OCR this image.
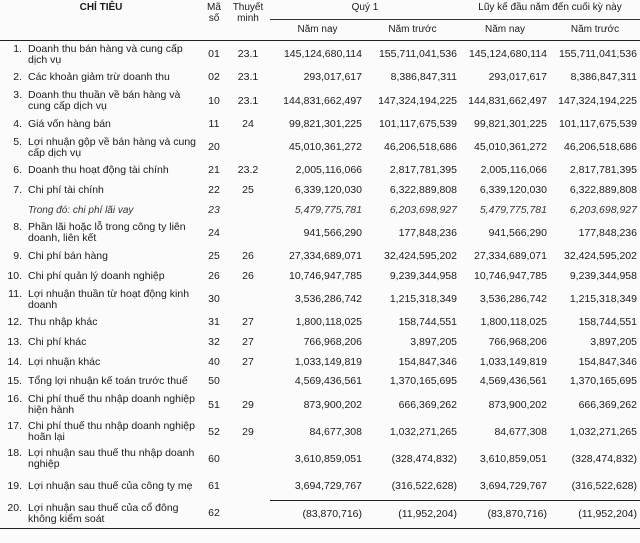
CHỈ TIÊU	Mã số	Thuyết minh	Quý 1		Lũy kế đầu năm đến cuối kỳ này	
			Năm nay	Năm trước	Năm nay	Năm trước

1. Doanh thu bán hàng và cung cấp dịch vụ	01	23.1	145,124,680,114	155,711,041,536	145,124,680,114	155,711,041,536

2. Các khoản giảm trừ doanh thu	02	23.1	293,017,617	8,386,847,311	293,017,617	8,386,847,311

3. Doanh thu thuần về bán hàng và cung cấp dịch vụ	10	23.1	144,831,662,497	147,324,194,225	144,831,662,497	147,324,194,225

4. Giá vốn hàng bán	11	24	99,821,301,225	101,117,675,539	99,821,301,225	101,117,675,539

5. Lợi nhuận gộp về bán hàng và cung cấp dịch vụ	20		45,010,361,272	46,206,518,686	45,010,361,272	46,206,518,686

6. Doanh thu hoạt động tài chính	21	23.2	2,005,116,066	2,817,781,395	2,005,116,066	2,817,781,395

7. Chi phí tài chính	22	25	6,339,120,030	6,322,889,808	6,339,120,030	6,322,889,808

Trong đó: chi phí lãi vay	23		5,479,775,781	6,203,698,927	5,479,775,781	6,203,698,927

8. Phần lãi hoặc lỗ trong công ty liên doanh, liên kết	24		941,566,290	177,848,236	941,566,290	177,848,236

9. Chi phí bán hàng	25	26	27,334,689,071	32,424,595,202	27,334,689,071	32,424,595,202

10. Chi phí quản lý doanh nghiệp	26	26	10,746,947,785	9,239,344,958	10,746,947,785	9,239,344,958

11. Lợi nhuận thuần từ hoạt động kinh doanh	30		3,536,286,742	1,215,318,349	3,536,286,742	1,215,318,349

12. Thu nhập khác	31	27	1,800,118,025	158,744,551	1,800,118,025	158,744,551

13. Chi phí khác	32	27	766,968,206	3,897,205	766,968,206	3,897,205

14. Lợi nhuận khác	40	27	1,033,149,819	154,847,346	1,033,149,819	154,847,346

15. Tổng lợi nhuận kế toán trước thuế	50		4,569,436,561	1,370,165,695	4,569,436,561	1,370,165,695

16. Chi phí thuế thu nhập doanh nghiệp hiện hành	51	29	873,900,202	666,369,262	873,900,202	666,369,262

17. Chi phí thuế thu nhập doanh nghiệp hoãn lại	52	29	84,677,308	1,032,271,265	84,677,308	1,032,271,265

18. Lợi nhuận sau thuế thu nhập doanh nghiệp	60		3,610,859,051	(328,474,832)	3,610,859,051	(328,474,832)

19. Lợi nhuận sau thuế của công ty mẹ	61		3,694,729,767	(316,522,628)	3,694,729,767	(316,522,628)

20. Lợi nhuận sau thuế của cổ đông không kiểm soát	62		(83,870,716)	(11,952,204)	(83,870,716)	(11,952,204)
